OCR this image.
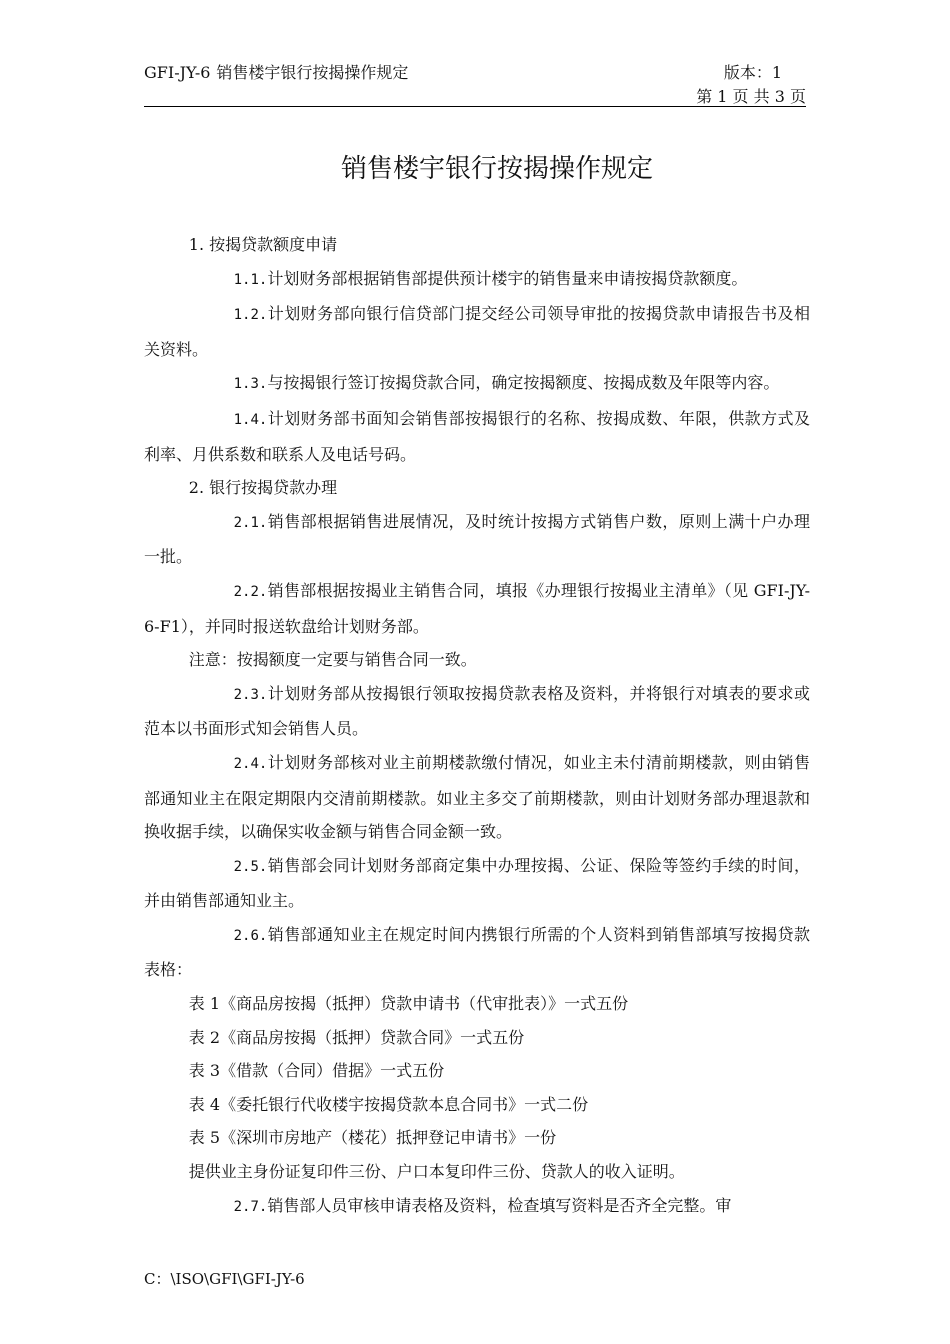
GFI-JY-6 销售楼宇银行按揭操作规定	版本：1
第 1 页 共 3 页
销售楼宇银行按揭操作规定

1. 按揭贷款额度申请

1.1.计划财务部根据销售部提供预计楼宇的销售量来申请按揭贷款额度。

1.2.计划财务部向银行信贷部门提交经公司领导审批的按揭贷款申请报告书及相关资料。

1.3.与按揭银行签订按揭贷款合同，确定按揭额度、按揭成数及年限等内容。

1.4.计划财务部书面知会销售部按揭银行的名称、按揭成数、年限，供款方式及利率、月供系数和联系人及电话号码。

2. 银行按揭贷款办理

2.1.销售部根据销售进展情况，及时统计按揭方式销售户数，原则上满十户办理一批。

2.2.销售部根据按揭业主销售合同，填报《办理银行按揭业主清单》（见 GFI-JY-6-F1），并同时报送软盘给计划财务部。

注意：按揭额度一定要与销售合同一致。

2.3.计划财务部从按揭银行领取按揭贷款表格及资料，并将银行对填表的要求或范本以书面形式知会销售人员。

2.4.计划财务部核对业主前期楼款缴付情况，如业主未付清前期楼款，则由销售部通知业主在限定期限内交清前期楼款。如业主多交了前期楼款，则由计划财务部办理退款和换收据手续，以确保实收金额与销售合同金额一致。

2.5.销售部会同计划财务部商定集中办理按揭、公证、保险等签约手续的时间，并由销售部通知业主。

2.6.销售部通知业主在规定时间内携银行所需的个人资料到销售部填写按揭贷款表格：

表 1《商品房按揭（抵押）贷款申请书（代审批表）》一式五份

表 2《商品房按揭（抵押）贷款合同》一式五份

表 3《借款（合同）借据》一式五份

表 4《委托银行代收楼宇按揭贷款本息合同书》一式二份

表 5《深圳市房地产（楼花）抵押登记申请书》一份

提供业主身份证复印件三份、户口本复印件三份、贷款人的收入证明。

2.7.销售部人员审核申请表格及资料，检查填写资料是否齐全完整。审

C：\ISO\GFI\GFI-JY-6
